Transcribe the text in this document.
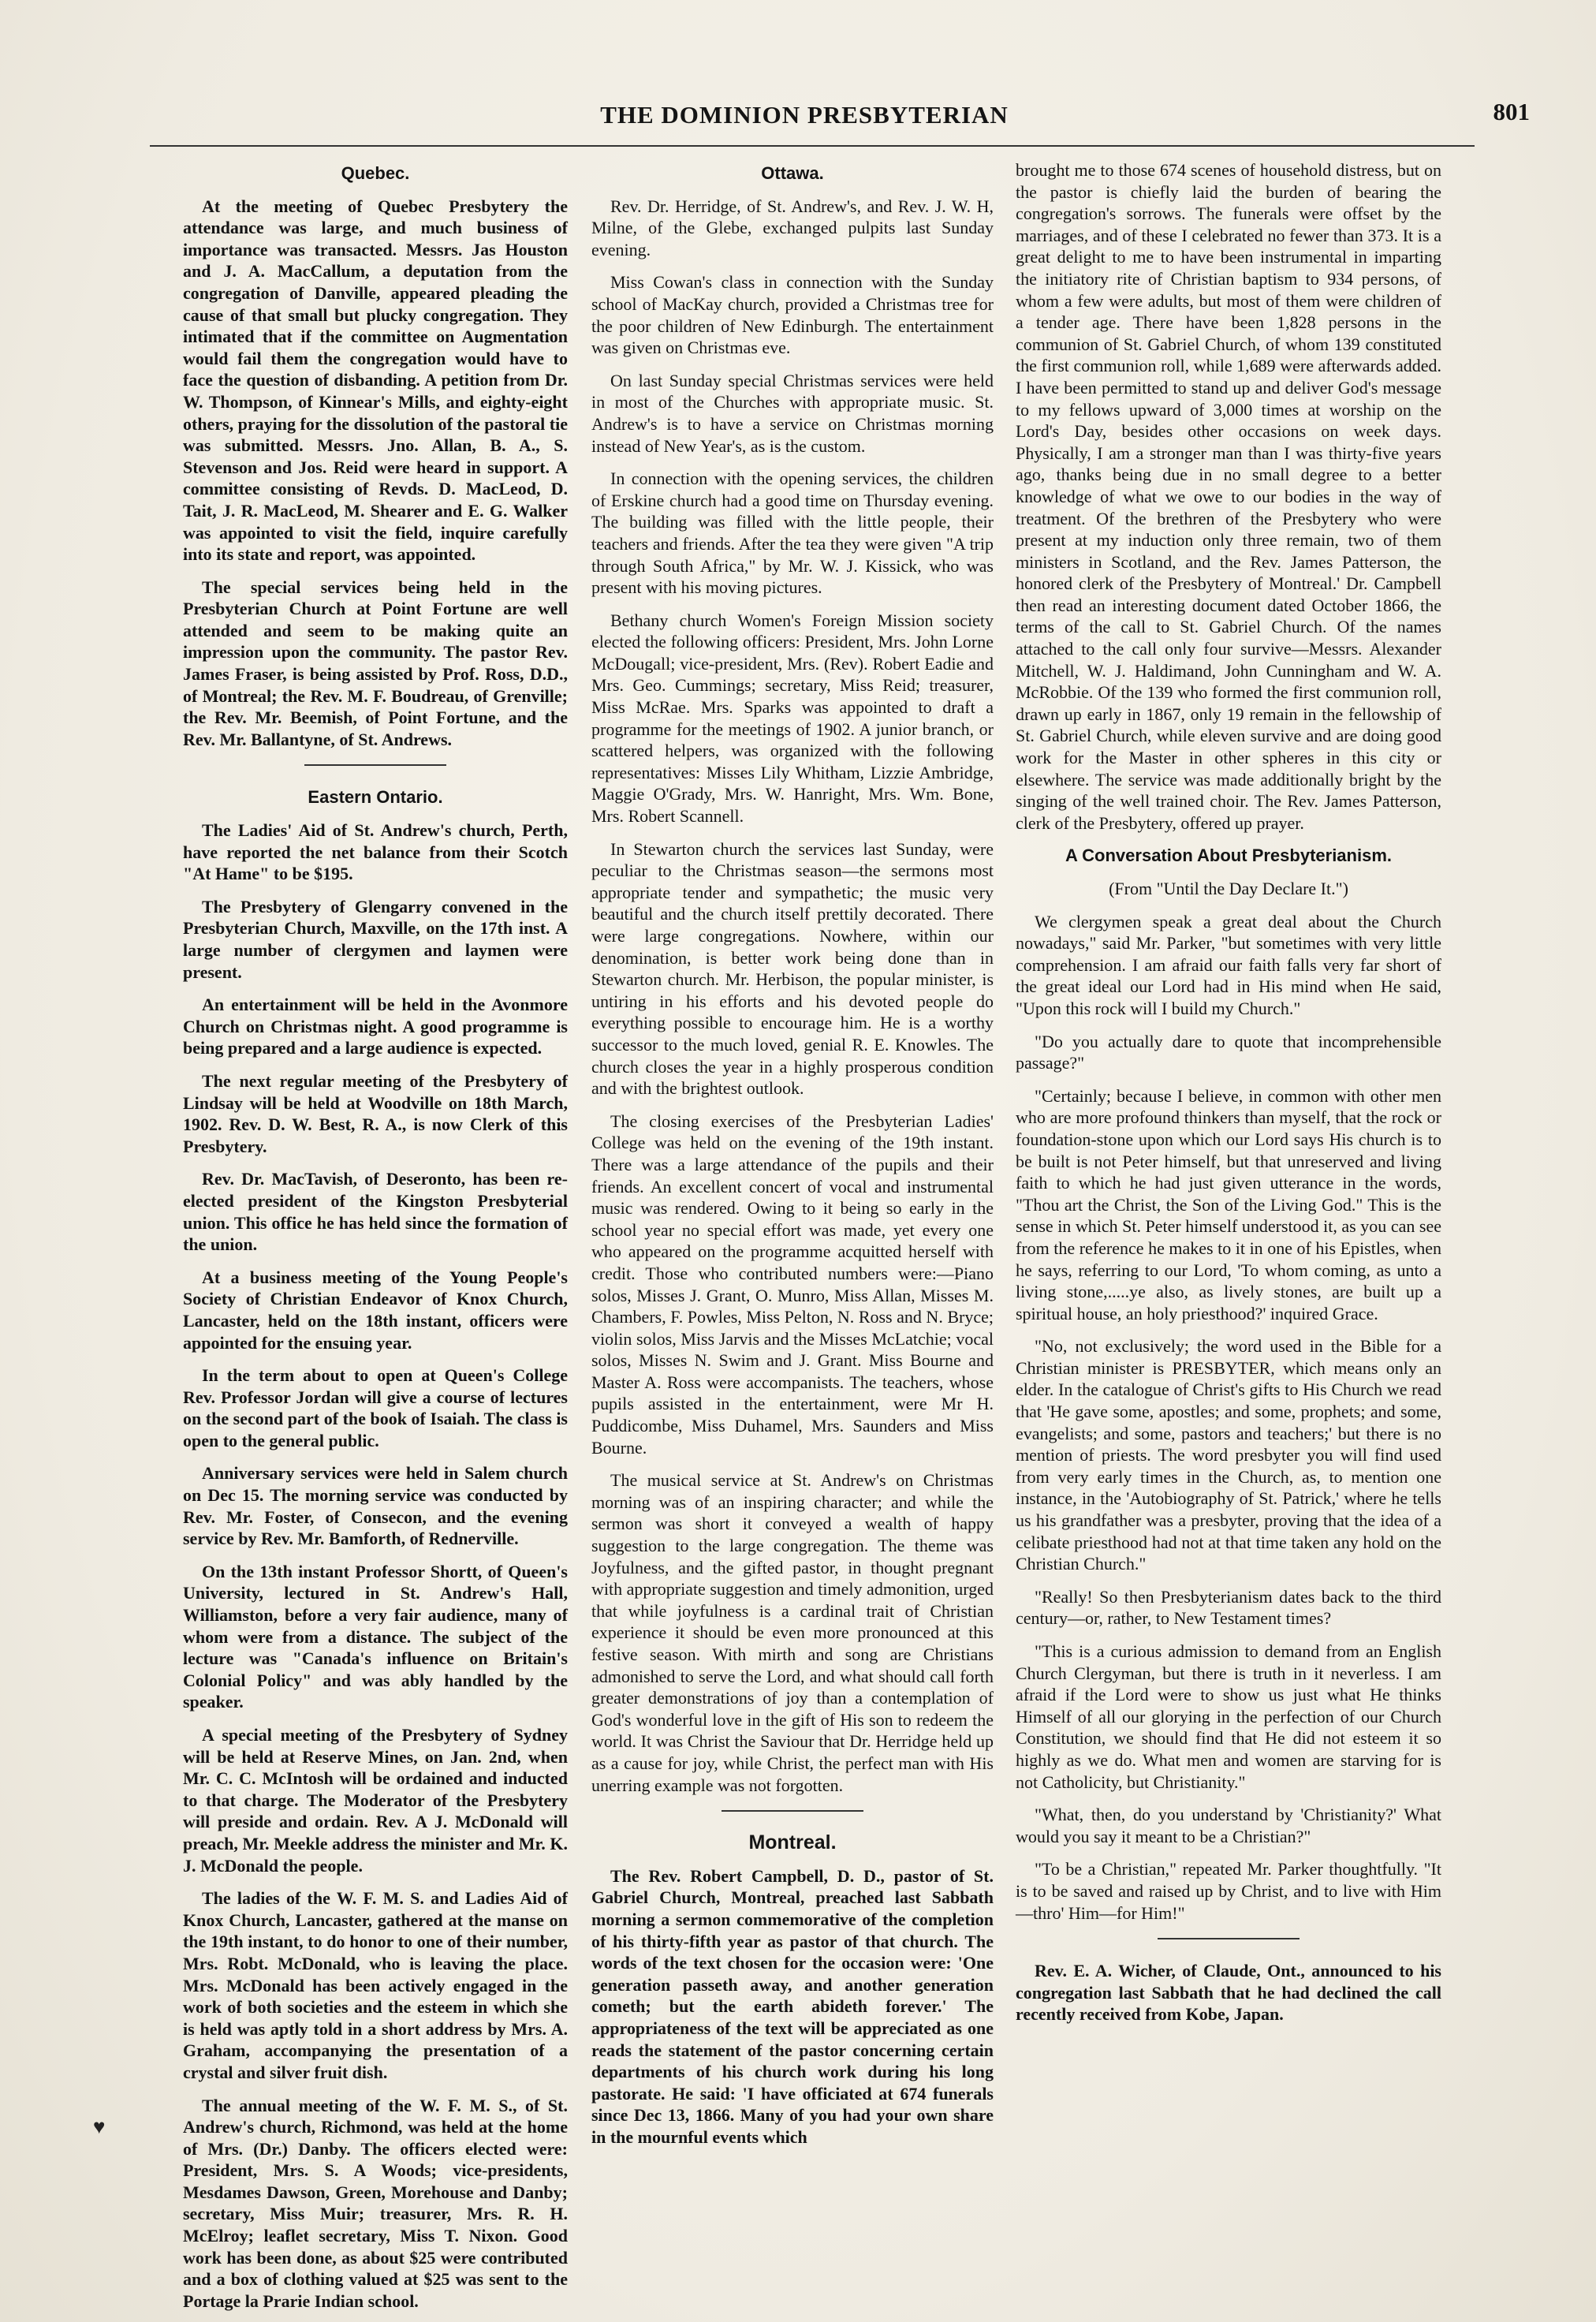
THE DOMINION PRESBYTERIAN	801
Quebec.

At the meeting of Quebec Presbytery the attendance was large, and much business of importance was transacted. Messrs. Jas Houston and J. A. MacCallum, a deputation from the congregation of Danville, appeared pleading the cause of that small but plucky congregation. They intimated that if the committee on Augmentation would fail them the congregation would have to face the question of disbanding. A petition from Dr. W. Thompson, of Kinnear's Mills, and eighty-eight others, praying for the dissolution of the pastoral tie was submitted. Messrs. Jno. Allan, B. A., S. Stevenson and Jos. Reid were heard in support. A committee consisting of Revds. D. MacLeod, D. Tait, J. R. MacLeod, M. Shearer and E. G. Walker was appointed to visit the field, inquire carefully into its state and report, was appointed.

The special services being held in the Presbyterian Church at Point Fortune are well attended and seem to be making quite an impression upon the community. The pastor Rev. James Fraser, is being assisted by Prof. Ross, D.D., of Montreal; the Rev. M. F. Boudreau, of Grenville; the Rev. Mr. Beemish, of Point Fortune, and the Rev. Mr. Ballantyne, of St. Andrews.

Eastern Ontario.

The Ladies' Aid of St. Andrew's church, Perth, have reported the net balance from their Scotch "At Hame" to be $195.

The Presbytery of Glengarry convened in the Presbyterian Church, Maxville, on the 17th inst. A large number of clergymen and laymen were present.

An entertainment will be held in the Avonmore Church on Christmas night. A good programme is being prepared and a large audience is expected.

The next regular meeting of the Presbytery of Lindsay will be held at Woodville on 18th March, 1902. Rev. D. W. Best, R. A., is now Clerk of this Presbytery.

Rev. Dr. MacTavish, of Deseronto, has been re-elected president of the Kingston Presbyterial union. This office he has held since the formation of the union.

At a business meeting of the Young People's Society of Christian Endeavor of Knox Church, Lancaster, held on the 18th instant, officers were appointed for the ensuing year.

In the term about to open at Queen's College Rev. Professor Jordan will give a course of lectures on the second part of the book of Isaiah. The class is open to the general public.

Anniversary services were held in Salem church on Dec 15. The morning service was conducted by Rev. Mr. Foster, of Consecon, and the evening service by Rev. Mr. Bamforth, of Rednerville.

On the 13th instant Professor Shortt, of Queen's University, lectured in St. Andrew's Hall, Williamston, before a very fair audience, many of whom were from a distance. The subject of the lecture was "Canada's influence on Britain's Colonial Policy" and was ably handled by the speaker.

A special meeting of the Presbytery of Sydney will be held at Reserve Mines, on Jan. 2nd, when Mr. C. C. McIntosh will be ordained and inducted to that charge. The Moderator of the Presbytery will preside and ordain. Rev. A J. McDonald will preach, Mr. Meekle address the minister and Mr. K. J. McDonald the people.

The ladies of the W. F. M. S. and Ladies Aid of Knox Church, Lancaster, gathered at the manse on the 19th instant, to do honor to one of their number, Mrs. Robt. McDonald, who is leaving the place. Mrs. McDonald has been actively engaged in the work of both societies and the esteem in which she is held was aptly told in a short address by Mrs. A. Graham, accompanying the presentation of a crystal and silver fruit dish.

The annual meeting of the W. F. M. S., of St. Andrew's church, Richmond, was held at the home of Mrs. (Dr.) Danby. The officers elected were: President, Mrs. S. A Woods; vice-presidents, Mesdames Dawson, Green, Morehouse and Danby; secretary, Miss Muir; treasurer, Mrs. R. H. McElroy; leaflet secretary, Miss T. Nixon. Good work has been done, as about $25 were contributed and a box of clothing valued at $25 was sent to the Portage la Prarie Indian school.

Ottawa.

Rev. Dr. Herridge, of St. Andrew's, and Rev. J. W. H, Milne, of the Glebe, exchanged pulpits last Sunday evening.

Miss Cowan's class in connection with the Sunday school of MacKay church, provided a Christmas tree for the poor children of New Edinburgh. The entertainment was given on Christmas eve.

On last Sunday special Christmas services were held in most of the Churches with appropriate music. St. Andrew's is to have a service on Christmas morning instead of New Year's, as is the custom.

In connection with the opening services, the children of Erskine church had a good time on Thursday evening. The building was filled with the little people, their teachers and friends. After the tea they were given "A trip through South Africa," by Mr. W. J. Kissick, who was present with his moving pictures.

Bethany church Women's Foreign Mission society elected the following officers: President, Mrs. John Lorne McDougall; vice-president, Mrs. (Rev). Robert Eadie and Mrs. Geo. Cummings; secretary, Miss Reid; treasurer, Miss McRae. Mrs. Sparks was appointed to draft a programme for the meetings of 1902. A junior branch, or scattered helpers, was organized with the following representatives: Misses Lily Whitham, Lizzie Ambridge, Maggie O'Grady, Mrs. W. Hanright, Mrs. Wm. Bone, Mrs. Robert Scannell.

In Stewarton church the services last Sunday, were peculiar to the Christmas season—the sermons most appropriate tender and sympathetic; the music very beautiful and the church itself prettily decorated. There were large congregations. Nowhere, within our denomination, is better work being done than in Stewarton church. Mr. Herbison, the popular minister, is untiring in his efforts and his devoted people do everything possible to encourage him. He is a worthy successor to the much loved, genial R. E. Knowles. The church closes the year in a highly prosperous condition and with the brightest outlook.

The closing exercises of the Presbyterian Ladies' College was held on the evening of the 19th instant. There was a large attendance of the pupils and their friends. An excellent concert of vocal and instrumental music was rendered. Owing to it being so early in the school year no special effort was made, yet every one who appeared on the programme acquitted herself with credit. Those who contributed numbers were:—Piano solos, Misses J. Grant, O. Munro, Miss Allan, Misses M. Chambers, F. Powles, Miss Pelton, N. Ross and N. Bryce; violin solos, Miss Jarvis and the Misses McLatchie; vocal solos, Misses N. Swim and J. Grant. Miss Bourne and Master A. Ross were accompanists. The teachers, whose pupils assisted in the entertainment, were Mr H. Puddicombe, Miss Duhamel, Mrs. Saunders and Miss Bourne.

The musical service at St. Andrew's on Christmas morning was of an inspiring character; and while the sermon was short it conveyed a wealth of happy suggestion to the large congregation. The theme was Joyfulness, and the gifted pastor, in thought pregnant with appropriate suggestion and timely admonition, urged that while joyfulness is a cardinal trait of Christian experience it should be even more pronounced at this festive season. With mirth and song are Christians admonished to serve the Lord, and what should call forth greater demonstrations of joy than a contemplation of God's wonderful love in the gift of His son to redeem the world. It was Christ the Saviour that Dr. Herridge held up as a cause for joy, while Christ, the perfect man with His unerring example was not forgotten.

Montreal.

The Rev. Robert Campbell, D. D., pastor of St. Gabriel Church, Montreal, preached last Sabbath morning a sermon commemorative of the completion of his thirty-fifth year as pastor of that church. The words of the text chosen for the occasion were: 'One generation passeth away, and another generation cometh; but the earth abideth forever.' The appropriateness of the text will be appreciated as one reads the statement of the pastor concerning certain departments of his church work during his long pastorate. He said: 'I have officiated at 674 funerals since Dec 13, 1866. Many of you had your own share in the mournful events which

brought me to those 674 scenes of household distress, but on the pastor is chiefly laid the burden of bearing the congregation's sorrows. The funerals were offset by the marriages, and of these I celebrated no fewer than 373. It is a great delight to me to have been instrumental in imparting the initiatory rite of Christian baptism to 934 persons, of whom a few were adults, but most of them were children of a tender age. There have been 1,828 persons in the communion of St. Gabriel Church, of whom 139 constituted the first communion roll, while 1,689 were afterwards added. I have been permitted to stand up and deliver God's message to my fellows upward of 3,000 times at worship on the Lord's Day, besides other occasions on week days. Physically, I am a stronger man than I was thirty-five years ago, thanks being due in no small degree to a better knowledge of what we owe to our bodies in the way of treatment. Of the brethren of the Presbytery who were present at my induction only three remain, two of them ministers in Scotland, and the Rev. James Patterson, the honored clerk of the Presbytery of Montreal.' Dr. Campbell then read an interesting document dated October 1866, the terms of the call to St. Gabriel Church. Of the names attached to the call only four survive—Messrs. Alexander Mitchell, W. J. Haldimand, John Cunningham and W. A. McRobbie. Of the 139 who formed the first communion roll, drawn up early in 1867, only 19 remain in the fellowship of St. Gabriel Church, while eleven survive and are doing good work for the Master in other spheres in this city or elsewhere. The service was made additionally bright by the singing of the well trained choir. The Rev. James Patterson, clerk of the Presbytery, offered up prayer.

A Conversation About Presbyterianism.
(From "Until the Day Declare It.")

We clergymen speak a great deal about the Church nowadays," said Mr. Parker, "but sometimes with very little comprehension. I am afraid our faith falls very far short of the great ideal our Lord had in His mind when He said, "Upon this rock will I build my Church."

"Do you actually dare to quote that incomprehensible passage?"

"Certainly; because I believe, in common with other men who are more profound thinkers than myself, that the rock or foundation-stone upon which our Lord says His church is to be built is not Peter himself, but that unreserved and living faith to which he had just given utterance in the words, "Thou art the Christ, the Son of the Living God." This is the sense in which St. Peter himself understood it, as you can see from the reference he makes to it in one of his Epistles, when he says, referring to our Lord, 'To whom coming, as unto a living stone,.....ye also, as lively stones, are built up a spiritual house, an holy priesthood?' inquired Grace.

"No, not exclusively; the word used in the Bible for a Christian minister is PRESBYTER, which means only an elder. In the catalogue of Christ's gifts to His Church we read that 'He gave some, apostles; and some, prophets; and some, evangelists; and some, pastors and teachers;' but there is no mention of priests. The word presbyter you will find used from very early times in the Church, as, to mention one instance, in the 'Autobiography of St. Patrick,' where he tells us his grandfather was a presbyter, proving that the idea of a celibate priesthood had not at that time taken any hold on the Christian Church."

"Really! So then Presbyterianism dates back to the third century—or, rather, to New Testament times?

"This is a curious admission to demand from an English Church Clergyman, but there is truth in it neverless. I am afraid if the Lord were to show us just what He thinks Himself of all our glorying in the perfection of our Church Constitution, we should find that He did not esteem it so highly as we do. What men and women are starving for is not Catholicity, but Christianity."

"What, then, do you understand by 'Christianity?' What would you say it meant to be a Christian?"

"To be a Christian," repeated Mr. Parker thoughtfully. "It is to be saved and raised up by Christ, and to live with Him—thro' Him—for Him!"

Rev. E. A. Wicher, of Claude, Ont., announced to his congregation last Sabbath that he had declined the call recently received from Kobe, Japan.

♥
